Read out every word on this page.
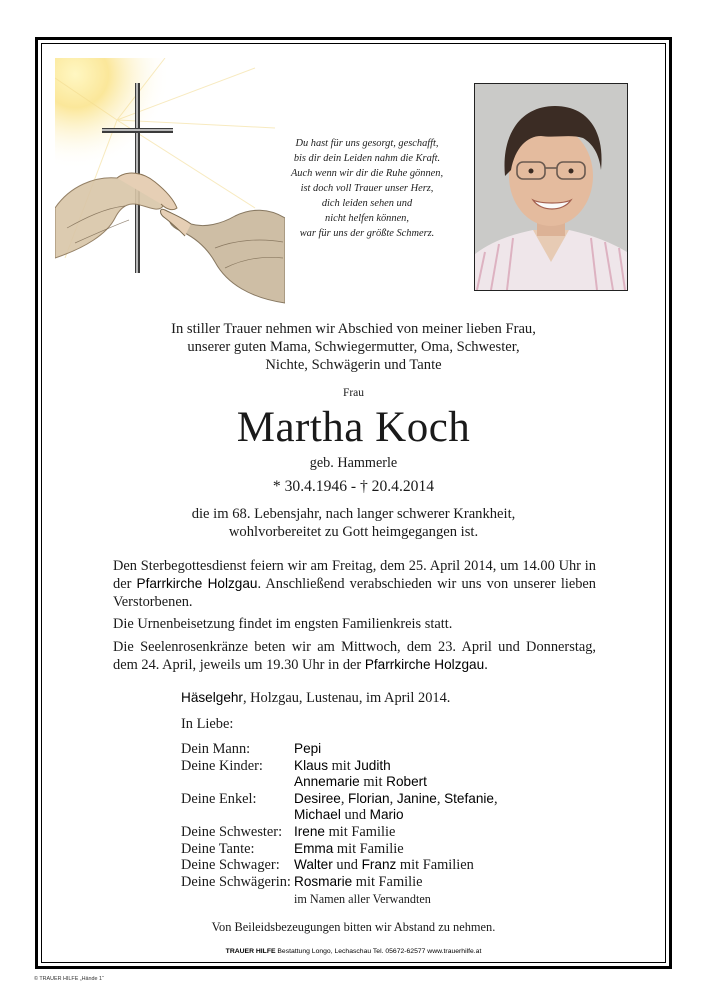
Du hast für uns gesorgt, geschafft,
bis dir dein Leiden nahm die Kraft.
Auch wenn wir dir die Ruhe gönnen,
ist doch voll Trauer unser Herz,
dich leiden sehen und
nicht helfen können,
war für uns der größte Schmerz.
In stiller Trauer nehmen wir Abschied von meiner lieben Frau,
unserer guten Mama, Schwiegermutter, Oma, Schwester,
Nichte, Schwägerin und Tante
Frau
Martha Koch
geb. Hammerle
* 30.4.1946 - † 20.4.2014
die im 68. Lebensjahr, nach langer schwerer Krankheit,
wohlvorbereitet zu Gott heimgegangen ist.
Den Sterbegottesdienst feiern wir am Freitag, dem 25. April 2014, um 14.00 Uhr in der Pfarrkirche Holzgau. Anschließend verabschieden wir uns von unserer lieben Verstorbenen.
Die Urnenbeisetzung findet im engsten Familienkreis statt.
Die Seelenrosenkränze beten wir am Mittwoch, dem 23. April und Donnerstag, dem 24. April, jeweils um 19.30 Uhr in der Pfarrkirche Holzgau.
Häselgehr, Holzgau, Lustenau, im April 2014.
In Liebe:
Dein Mann:	Pepi
Deine Kinder: Klaus mit Judith
Annemarie mit Robert
Deine Enkel:	Desiree, Florian, Janine, Stefanie,
Michael und Mario
Deine Schwester: Irene mit Familie
Deine Tante:	Emma mit Familie
Deine Schwager: Walter und Franz mit Familien
Deine Schwägerin: Rosmarie mit Familie
im Namen aller Verwandten
Von Beileidsbezeugungen bitten wir Abstand zu nehmen.
TRAUER HILFE Bestattung Longo, Lechaschau Tel. 05672-62577 www.trauerhilfe.at
© TRAUER HILFE „Hände 1“
